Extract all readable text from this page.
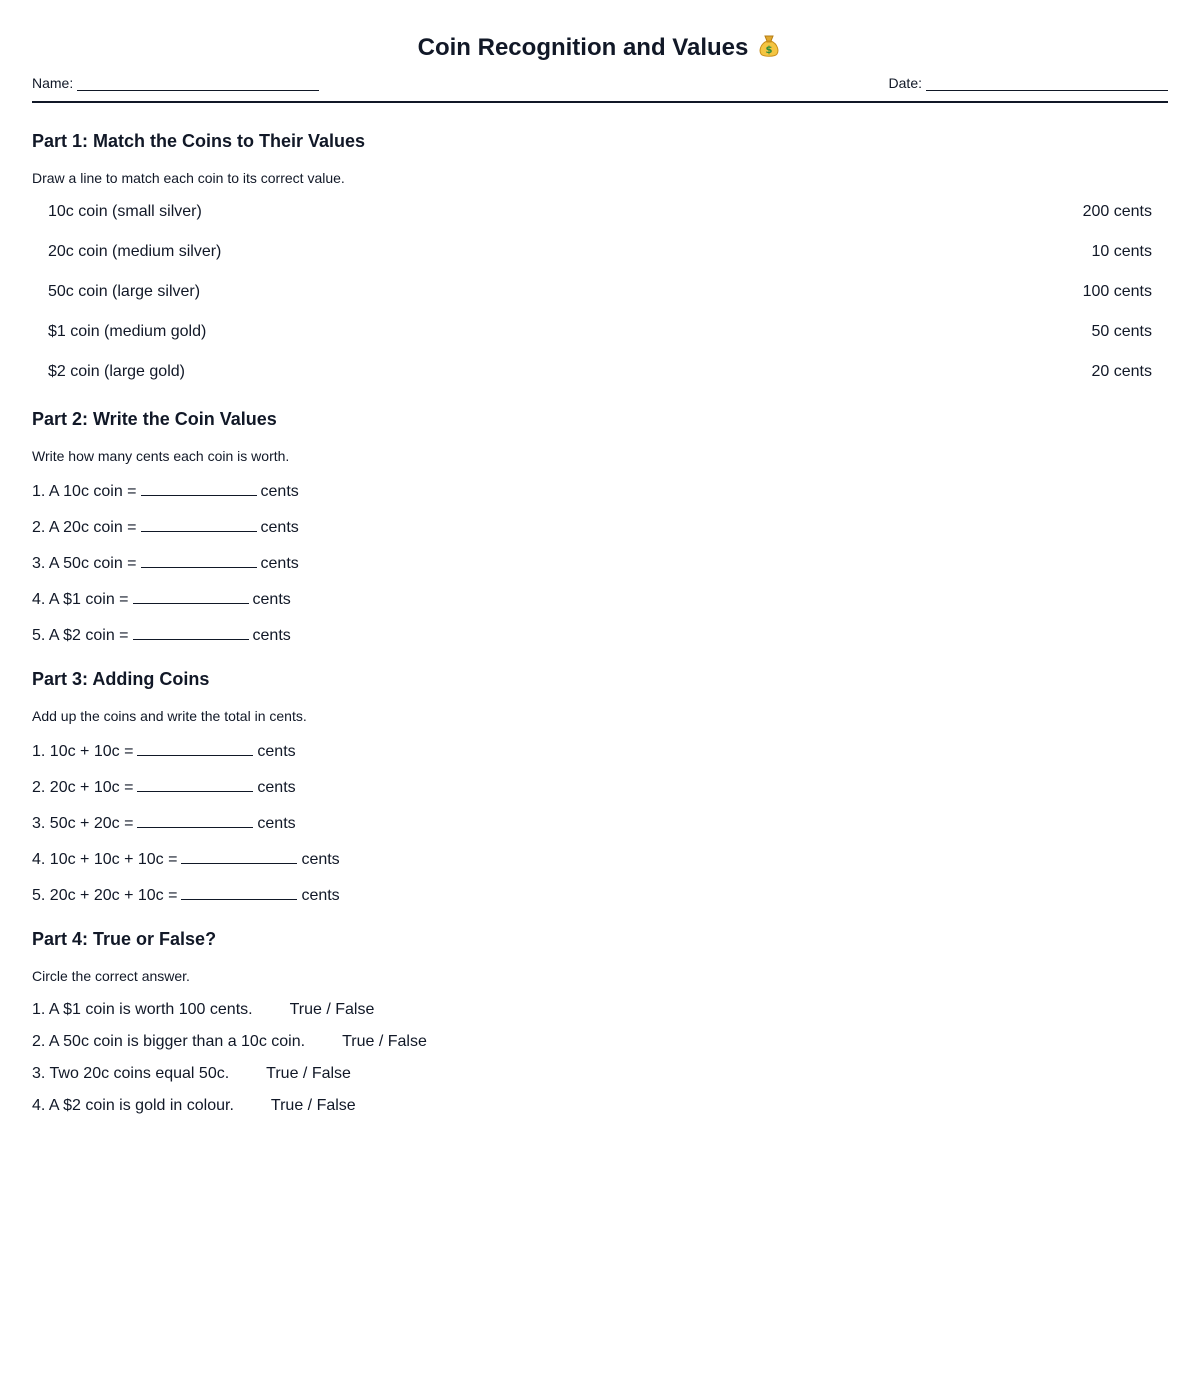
Coin Recognition and Values $
Name:	Date:
Part 1: Match the Coins to Their Values

Draw a line to match each coin to its correct value.

10c coin (small silver)	200 cents
20c coin (medium silver)	10 cents
50c coin (large silver)	100 cents
$1 coin (medium gold)	50 cents
$2 coin (large gold)	20 cents
Part 2: Write the Coin Values

Write how many cents each coin is worth.

1. A 10c coin =	cents
2. A 20c coin =	cents
3. A 50c coin =	cents
4. A $1 coin =	cents
5. A $2 coin =	cents
Part 3: Adding Coins

Add up the coins and write the total in cents.

1. 10c + 10c =	cents
2. 20c + 10c =	cents
3. 50c + 20c =	cents
4. 10c + 10c + 10c =	cents
5. 20c + 20c + 10c =	cents
Part 4: True or False?

Circle the correct answer.

1. A $1 coin is worth 100 cents. True / False
2. A 50c coin is bigger than a 10c coin. True / False
3. Two 20c coins equal 50c. True / False
4. A $2 coin is gold in colour. True / False
